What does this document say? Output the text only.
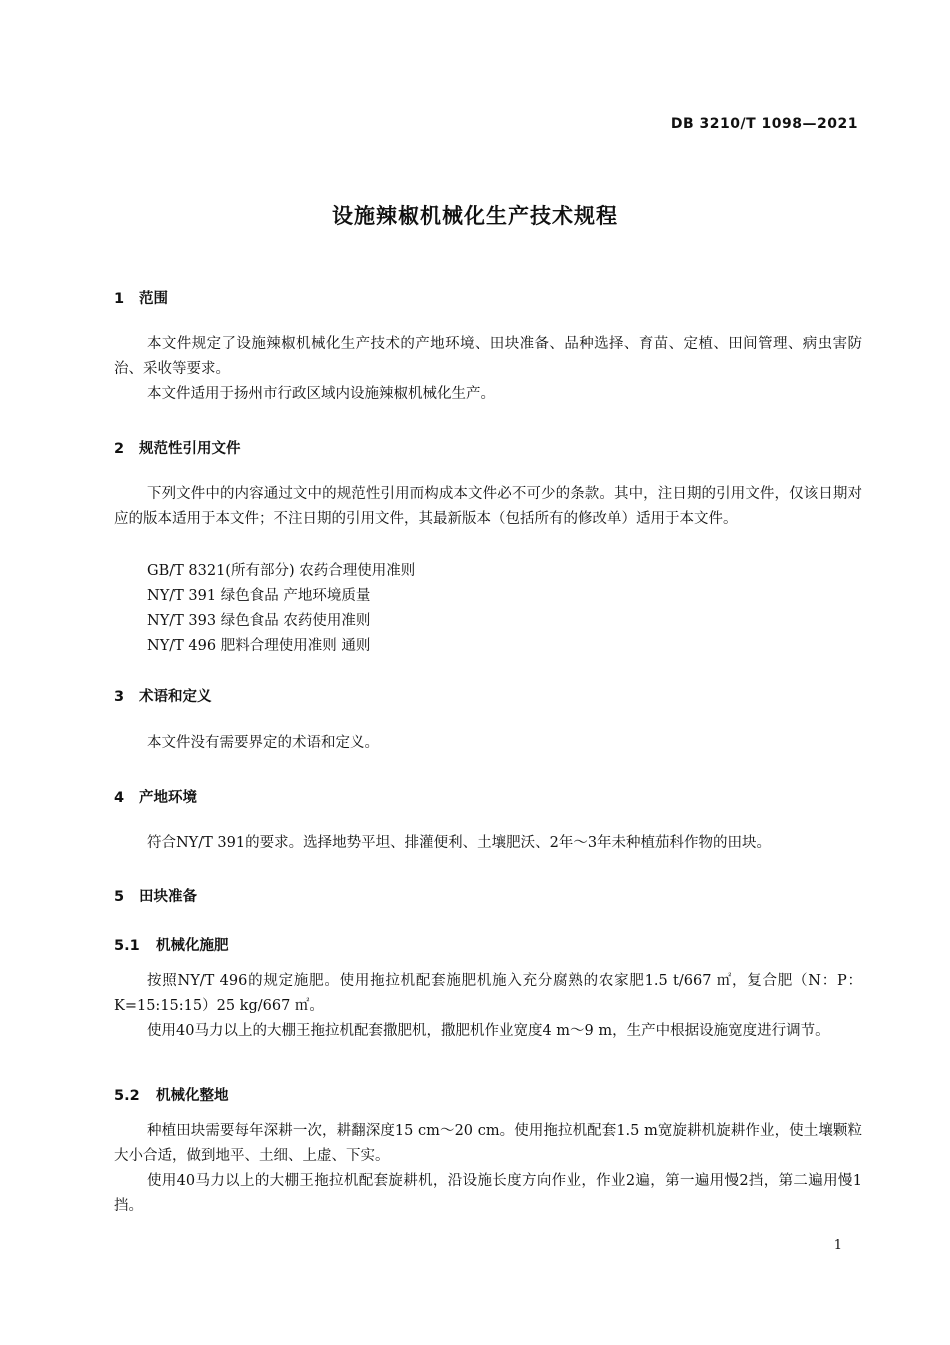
DB 3210/T 1098—2021
设施辣椒机械化生产技术规程
1 范围
本文件规定了设施辣椒机械化生产技术的产地环境、田块准备、品种选择、育苗、定植、田间管理、病虫害防治、采收等要求。
本文件适用于扬州市行政区域内设施辣椒机械化生产。
2 规范性引用文件
下列文件中的内容通过文中的规范性引用而构成本文件必不可少的条款。其中，注日期的引用文件，仅该日期对应的版本适用于本文件；不注日期的引用文件，其最新版本（包括所有的修改单）适用于本文件。
GB/T 8321(所有部分) 农药合理使用准则
NY/T 391 绿色食品 产地环境质量
NY/T 393 绿色食品 农药使用准则
NY/T 496 肥料合理使用准则 通则
3 术语和定义
本文件没有需要界定的术语和定义。
4 产地环境
符合NY/T 391的要求。选择地势平坦、排灌便利、土壤肥沃、2年～3年未种植茄科作物的田块。
5 田块准备
5.1 机械化施肥
按照NY/T 496的规定施肥。使用拖拉机配套施肥机施入充分腐熟的农家肥1.5 t/667 ㎡，复合肥（N：P：K=15:15:15）25 kg/667 ㎡。
使用40马力以上的大棚王拖拉机配套撒肥机，撒肥机作业宽度4 m～9 m，生产中根据设施宽度进行调节。
5.2 机械化整地
种植田块需要每年深耕一次，耕翻深度15 cm～20 cm。使用拖拉机配套1.5 m宽旋耕机旋耕作业，使土壤颗粒大小合适，做到地平、土细、上虚、下实。
使用40马力以上的大棚王拖拉机配套旋耕机，沿设施长度方向作业，作业2遍，第一遍用慢2挡，第二遍用慢1挡。
1
